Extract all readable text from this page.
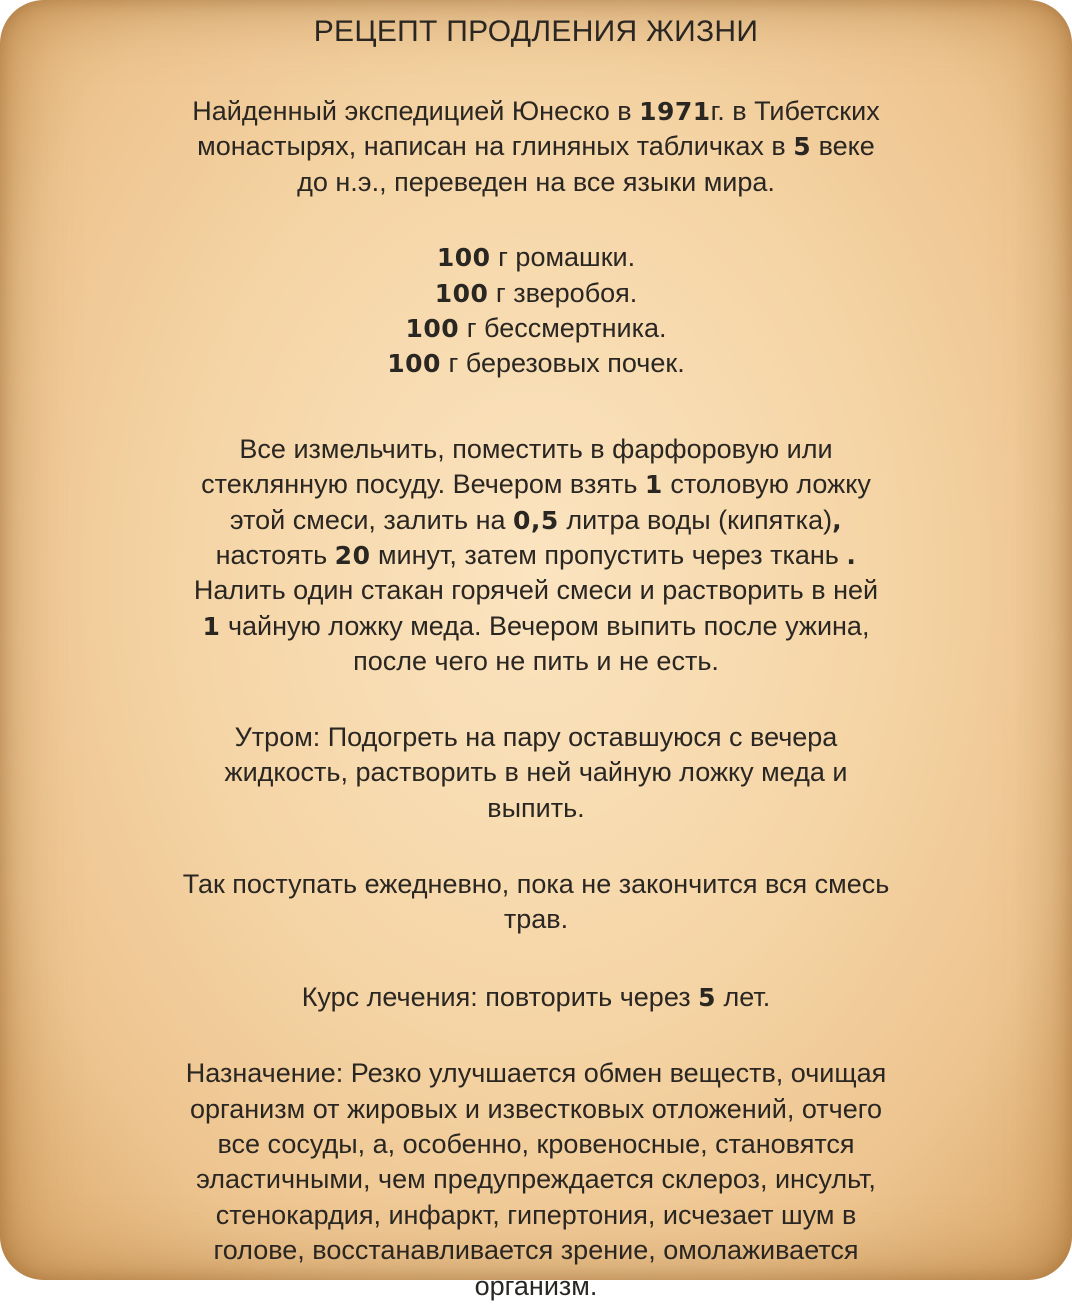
РЕЦЕПТ ПРОДЛЕНИЯ ЖИЗНИ

Найденный экспедицией Юнеско в 1971г. в Тибетских
монастырях, написан на глиняных табличках в 5 веке
до н.э., переведен на все языки мира.

100 г ромашки.
100 г зверобоя.
100 г бессмертника.
100 г березовых почек.

Все измельчить, поместить в фарфоровую или
стеклянную посуду. Вечером взять 1 столовую ложку
этой смеси, залить на 0,5 литра воды (кипятка),
настоять 20 минут, затем пропустить через ткань .
Налить один стакан горячей смеси и растворить в ней
1 чайную ложку меда. Вечером выпить после ужина,
после чего не пить и не есть.

Утром: Подогреть на пару оставшуюся с вечера
жидкость, растворить в ней чайную ложку меда и
выпить.

Так поступать ежедневно, пока не закончится вся смесь
трав.

Курс лечения: повторить через 5 лет.

Назначение: Резко улучшается обмен веществ, очищая
организм от жировых и известковых отложений, отчего
все сосуды, а, особенно, кровеносные, становятся
эластичными, чем предупреждается склероз, инсульт,
стенокардия, инфаркт, гипертония, исчезает шум в
голове, восстанавливается зрение, омолаживается
организм.
